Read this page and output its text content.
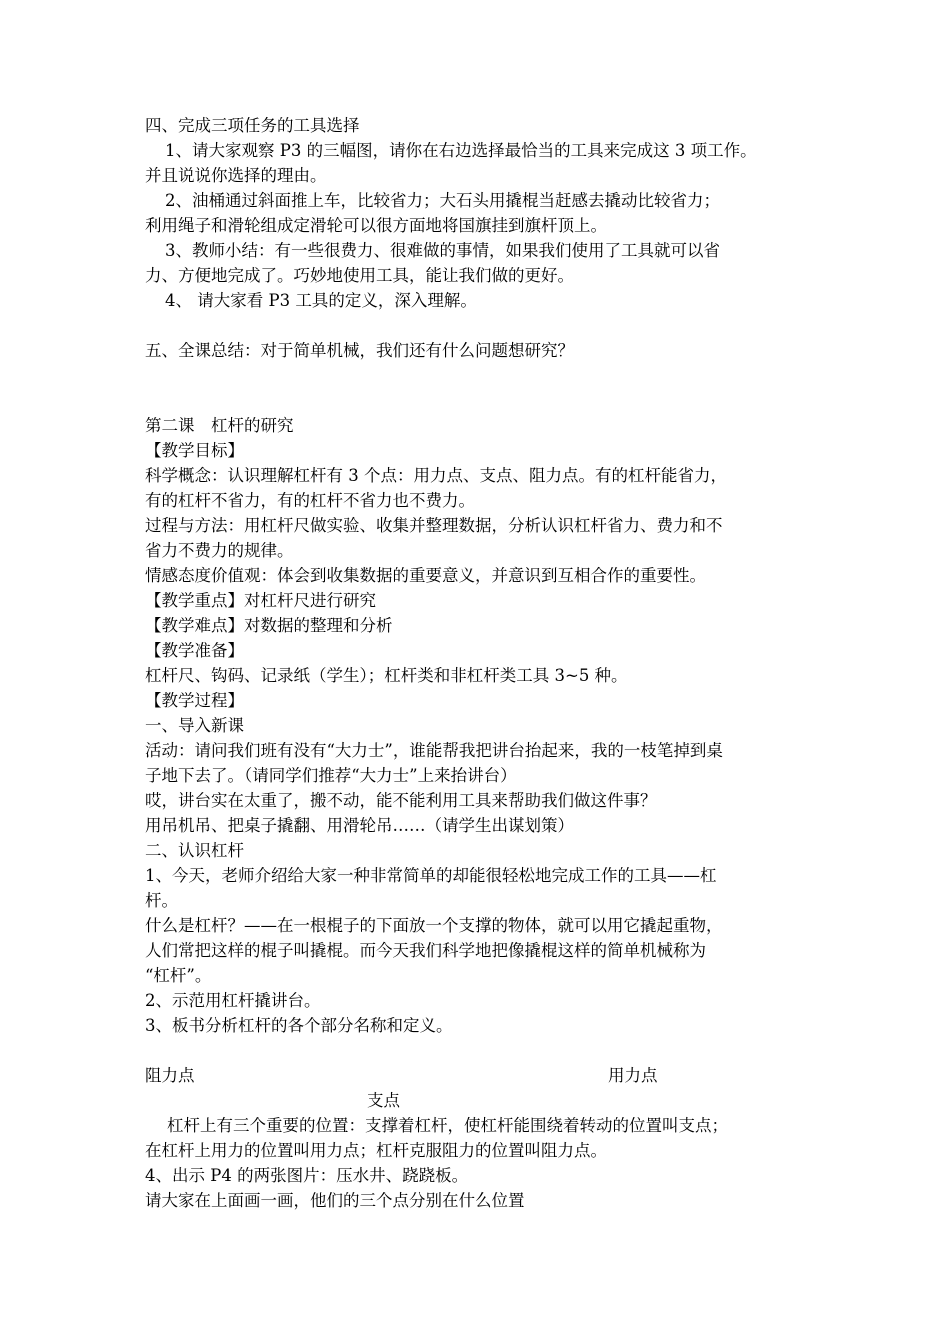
四、完成三项任务的工具选择
1、请大家观察 P3 的三幅图，请你在右边选择最恰当的工具来完成这 3 项工作。
并且说说你选择的理由。
2、油桶通过斜面推上车，比较省力；大石头用撬棍当赶感去撬动比较省力；
利用绳子和滑轮组成定滑轮可以很方面地将国旗挂到旗杆顶上。
3、教师小结：有一些很费力、很难做的事情，如果我们使用了工具就可以省
力、方便地完成了。巧妙地使用工具，能让我们做的更好。
4、 请大家看 P3 工具的定义，深入理解。
五、全课总结：对于简单机械，我们还有什么问题想研究？
第二课　杠杆的研究
【教学目标】
科学概念：认识理解杠杆有 3 个点：用力点、支点、阻力点。有的杠杆能省力，
有的杠杆不省力，有的杠杆不省力也不费力。
过程与方法：用杠杆尺做实验、收集并整理数据，分析认识杠杆省力、费力和不
省力不费力的规律。
情感态度价值观：体会到收集数据的重要意义，并意识到互相合作的重要性。
【教学重点】对杠杆尺进行研究
【教学难点】对数据的整理和分析
【教学准备】
杠杆尺、钩码、记录纸（学生）；杠杆类和非杠杆类工具 3~5 种。
【教学过程】
一、导入新课
活动：请问我们班有没有“大力士”，谁能帮我把讲台抬起来，我的一枝笔掉到桌
子地下去了。（请同学们推荐“大力士”上来抬讲台）
哎，讲台实在太重了，搬不动，能不能利用工具来帮助我们做这件事？
用吊机吊、把桌子撬翻、用滑轮吊……（请学生出谋划策）
二、认识杠杆
1、今天，老师介绍给大家一种非常简单的却能很轻松地完成工作的工具——杠
杆。
什么是杠杆？——在一根棍子的下面放一个支撑的物体，就可以用它撬起重物，
人们常把这样的棍子叫撬棍。而今天我们科学地把像撬棍这样的简单机械称为
“杠杆”。
2、示范用杠杆撬讲台。
3、板书分析杠杆的各个部分名称和定义。
阻力点	用力点
支点
杠杆上有三个重要的位置：支撑着杠杆，使杠杆能围绕着转动的位置叫支点；
在杠杆上用力的位置叫用力点；杠杆克服阻力的位置叫阻力点。
4、出示 P4 的两张图片：压水井、跷跷板。
请大家在上面画一画，他们的三个点分别在什么位置
